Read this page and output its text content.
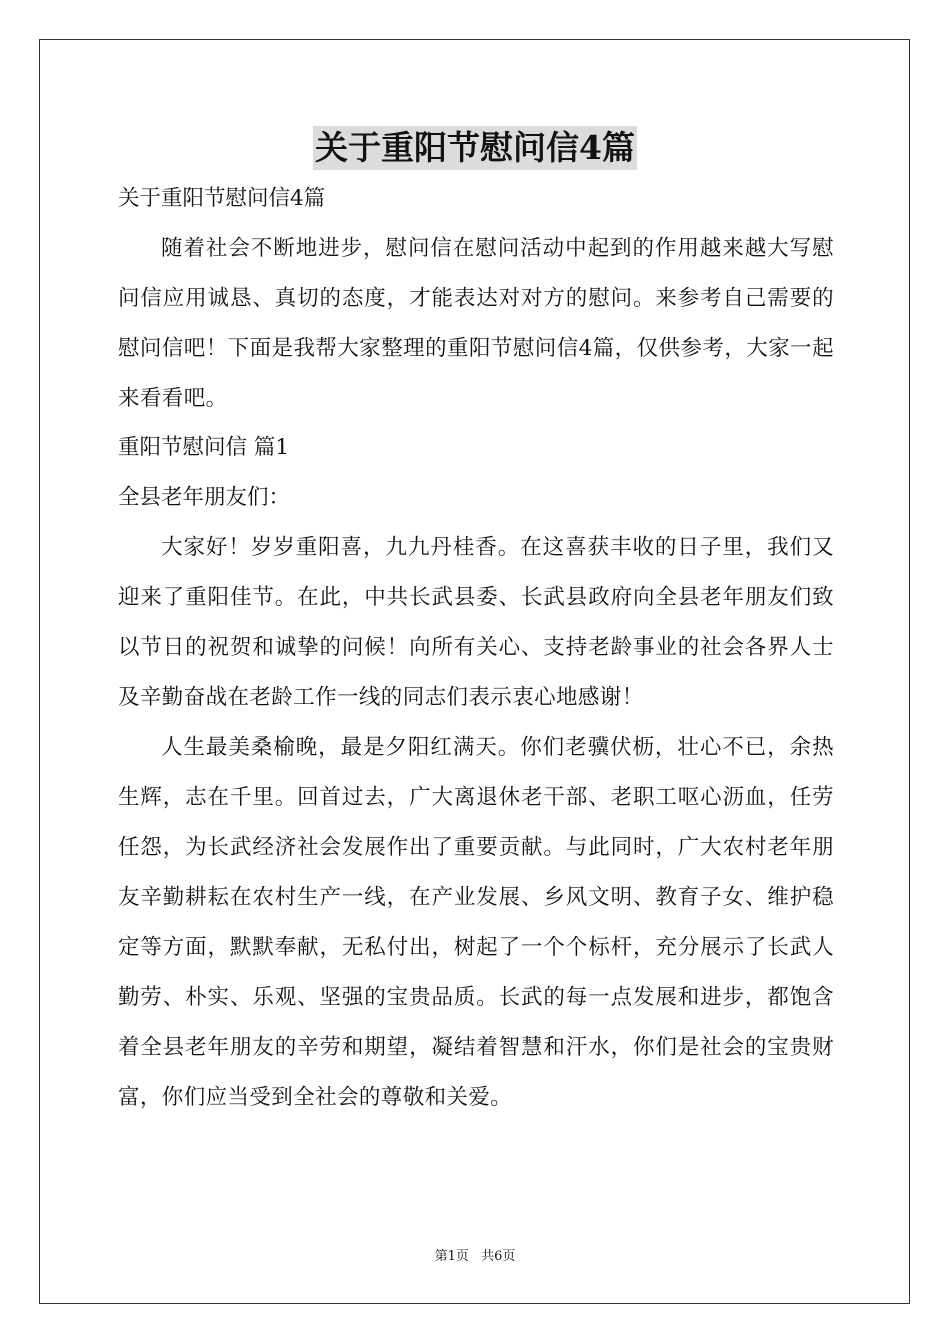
关于重阳节慰问信4篇
关于重阳节慰问信4篇
随着社会不断地进步，慰问信在慰问活动中起到的作用越来越大写慰问信应用诚恳、真切的态度，才能表达对对方的慰问。来参考自己需要的慰问信吧！下面是我帮大家整理的重阳节慰问信4篇，仅供参考，大家一起来看看吧。
重阳节慰问信 篇1
全县老年朋友们：
大家好！岁岁重阳喜，九九丹桂香。在这喜获丰收的日子里，我们又迎来了重阳佳节。在此，中共长武县委、长武县政府向全县老年朋友们致以节日的祝贺和诚挚的问候！向所有关心、支持老龄事业的社会各界人士及辛勤奋战在老龄工作一线的同志们表示衷心地感谢！
人生最美桑榆晚，最是夕阳红满天。你们老骥伏枥，壮心不已，余热生辉，志在千里。回首过去，广大离退休老干部、老职工呕心沥血，任劳任怨，为长武经济社会发展作出了重要贡献。与此同时，广大农村老年朋友辛勤耕耘在农村生产一线，在产业发展、乡风文明、教育子女、维护稳定等方面，默默奉献，无私付出，树起了一个个标杆，充分展示了长武人勤劳、朴实、乐观、坚强的宝贵品质。长武的每一点发展和进步，都饱含着全县老年朋友的辛劳和期望，凝结着智慧和汗水，你们是社会的宝贵财富，你们应当受到全社会的尊敬和关爱。
第1页 共6页
